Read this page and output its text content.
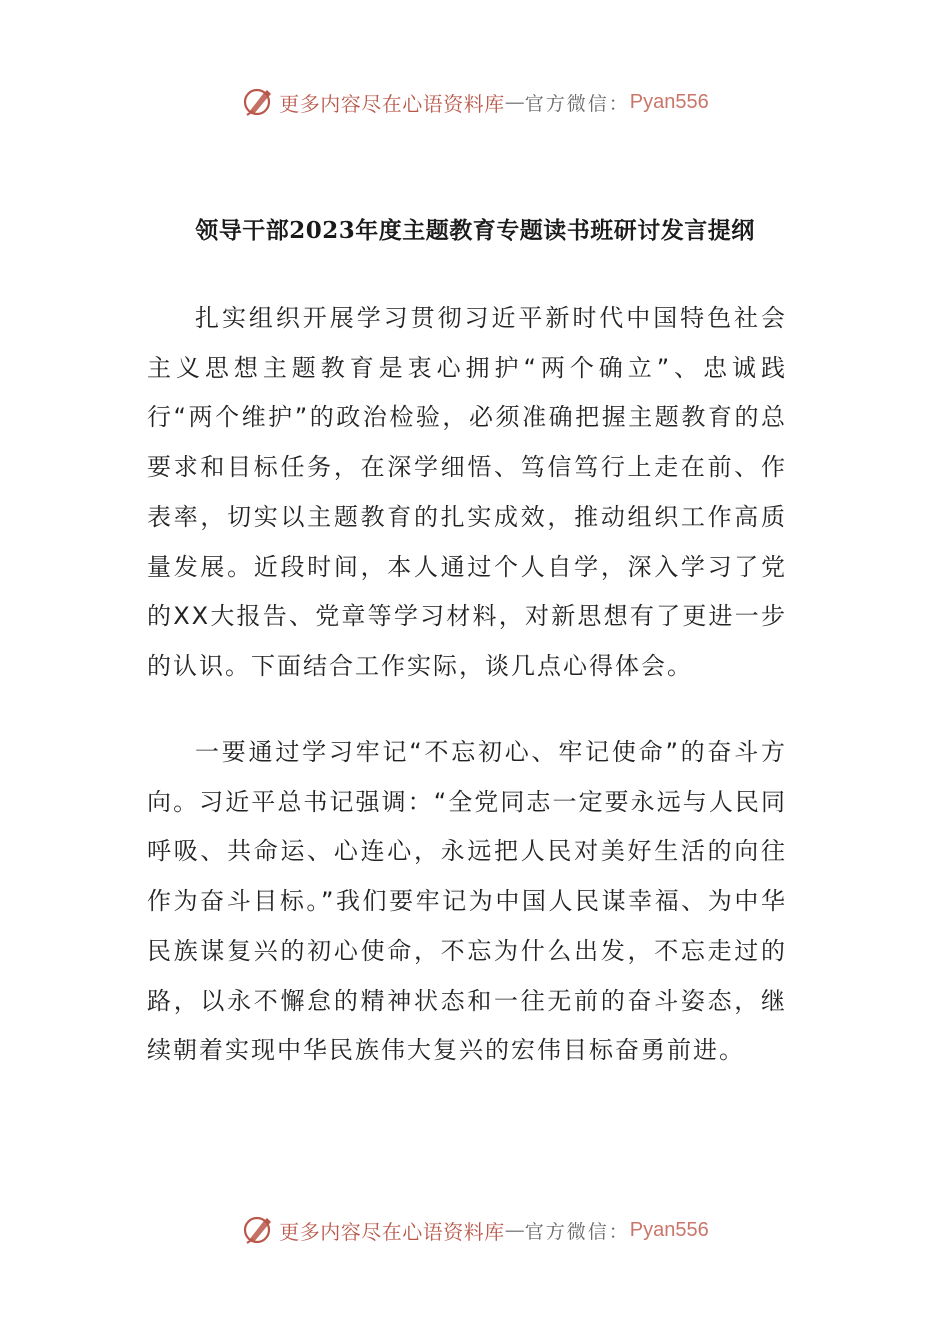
更多内容尽在心语资料库 — 官方微信： Pyan556
领导干部2023年度主题教育专题读书班研讨发言提纲

扎实组织开展学习贯彻习近平新时代中国特色社会主义思想主题教育是衷心拥护“两个确立”、忠诚践行“两个维护”的政治检验，必须准确把握主题教育的总要求和目标任务，在深学细悟、笃信笃行上走在前、作表率，切实以主题教育的扎实成效，推动组织工作高质量发展。近段时间，本人通过个人自学，深入学习了党的XX大报告、党章等学习材料，对新思想有了更进一步的认识。下面结合工作实际，谈几点心得体会。

一要通过学习牢记“不忘初心、牢记使命”的奋斗方向。习近平总书记强调：“全党同志一定要永远与人民同呼吸、共命运、心连心，永远把人民对美好生活的向往作为奋斗目标。”我们要牢记为中国人民谋幸福、为中华民族谋复兴的初心使命，不忘为什么出发，不忘走过的路，以永不懈怠的精神状态和一往无前的奋斗姿态，继续朝着实现中华民族伟大复兴的宏伟目标奋勇前进。

更多内容尽在心语资料库 — 官方微信： Pyan556
